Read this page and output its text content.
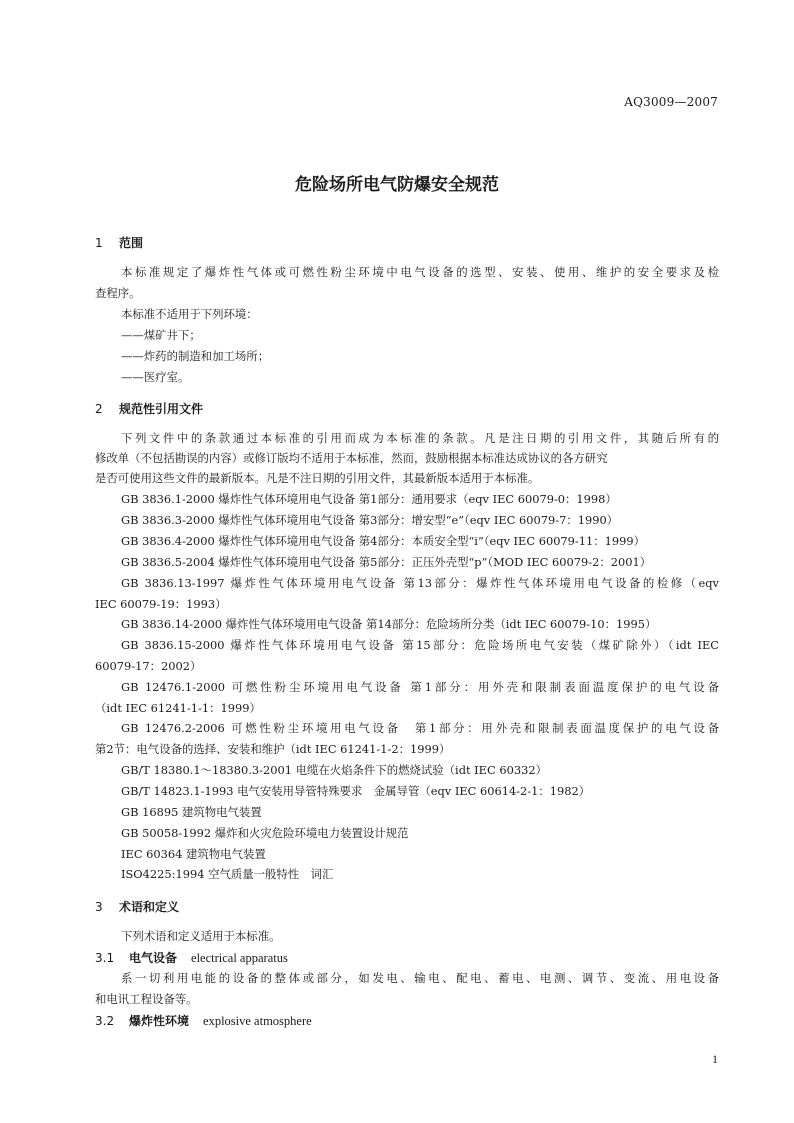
AQ3009—2007
危险场所电气防爆安全规范
1 范围
本标准规定了爆炸性气体或可燃性粉尘环境中电气设备的选型、安装、使用、维护的安全要求及检
查程序。
本标准不适用于下列环境：
——煤矿井下；
——炸药的制造和加工场所；
——医疗室。
2 规范性引用文件
下列文件中的条款通过本标准的引用而成为本标准的条款。凡是注日期的引用文件，其随后所有的
修改单（不包括勘误的内容）或修订版均不适用于本标准，然而，鼓励根据本标准达成协议的各方研究
是否可使用这些文件的最新版本。凡是不注日期的引用文件，其最新版本适用于本标准。
GB 3836.1-2000 爆炸性气体环境用电气设备 第1部分：通用要求（eqv IEC 60079-0：1998）
GB 3836.3-2000 爆炸性气体环境用电气设备 第3部分：增安型“e”（eqv IEC 60079-7：1990）
GB 3836.4-2000 爆炸性气体环境用电气设备 第4部分：本质安全型“i”（eqv IEC 60079-11：1999）
GB 3836.5-2004 爆炸性气体环境用电气设备 第5部分：正压外壳型“p”（MOD IEC 60079-2：2001）
GB 3836.13-1997 爆炸性气体环境用电气设备 第13部分：爆炸性气体环境用电气设备的检修（eqv
IEC 60079-19：1993）
GB 3836.14-2000 爆炸性气体环境用电气设备 第14部分：危险场所分类（idt IEC 60079-10：1995）
GB 3836.15-2000 爆炸性气体环境用电气设备 第15部分：危险场所电气安装（煤矿除外）（idt IEC
60079-17：2002）
GB 12476.1-2000 可燃性粉尘环境用电气设备 第1部分：用外壳和限制表面温度保护的电气设备
（idt IEC 61241-1-1：1999）
GB 12476.2-2006 可燃性粉尘环境用电气设备　第1部分：用外壳和限制表面温度保护的电气设备
第2节：电气设备的选择、安装和维护（idt IEC 61241-1-2：1999）
GB/T 18380.1～18380.3-2001 电缆在火焰条件下的燃烧试验（idt IEC 60332）
GB/T 14823.1-1993 电气安装用导管特殊要求　金属导管（eqv IEC 60614-2-1：1982）
GB 16895 建筑物电气装置
GB 50058-1992 爆炸和火灾危险环境电力装置设计规范
IEC 60364 建筑物电气装置
ISO4225:1994 空气质量一般特性　词汇
3 术语和定义
下列术语和定义适用于本标准。
3.1 电气设备 electrical apparatus
系一切利用电能的设备的整体或部分，如发电、输电、配电、蓄电、电测、调节、变流、用电设备
和电讯工程设备等。
3.2 爆炸性环境 explosive atmosphere
1
